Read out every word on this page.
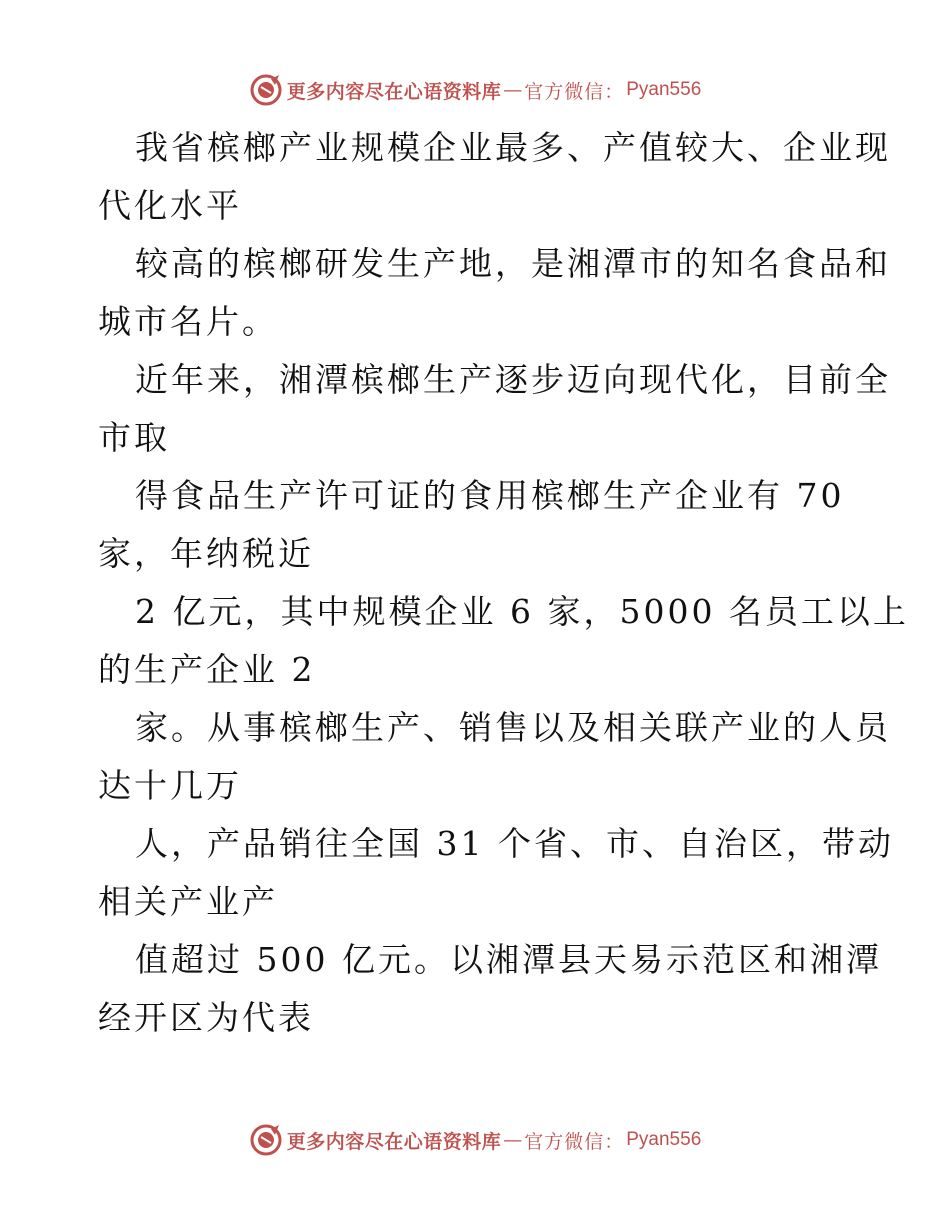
更多内容尽在心语资料库 — 官方微信： Pyan556
我省槟榔产业规模企业最多、产值较大、企业现
代化水平
较高的槟榔研发生产地，是湘潭市的知名食品和
城市名片。
近年来，湘潭槟榔生产逐步迈向现代化，目前全
市取
得食品生产许可证的食用槟榔生产企业有 70
家，年纳税近
2 亿元，其中规模企业 6 家，5000 名员工以上
的生产企业 2
家。从事槟榔生产、销售以及相关联产业的人员
达十几万
人，产品销往全国 31 个省、市、自治区，带动
相关产业产
值超过 500 亿元。以湘潭县天易示范区和湘潭
经开区为代表
更多内容尽在心语资料库 — 官方微信： Pyan556
